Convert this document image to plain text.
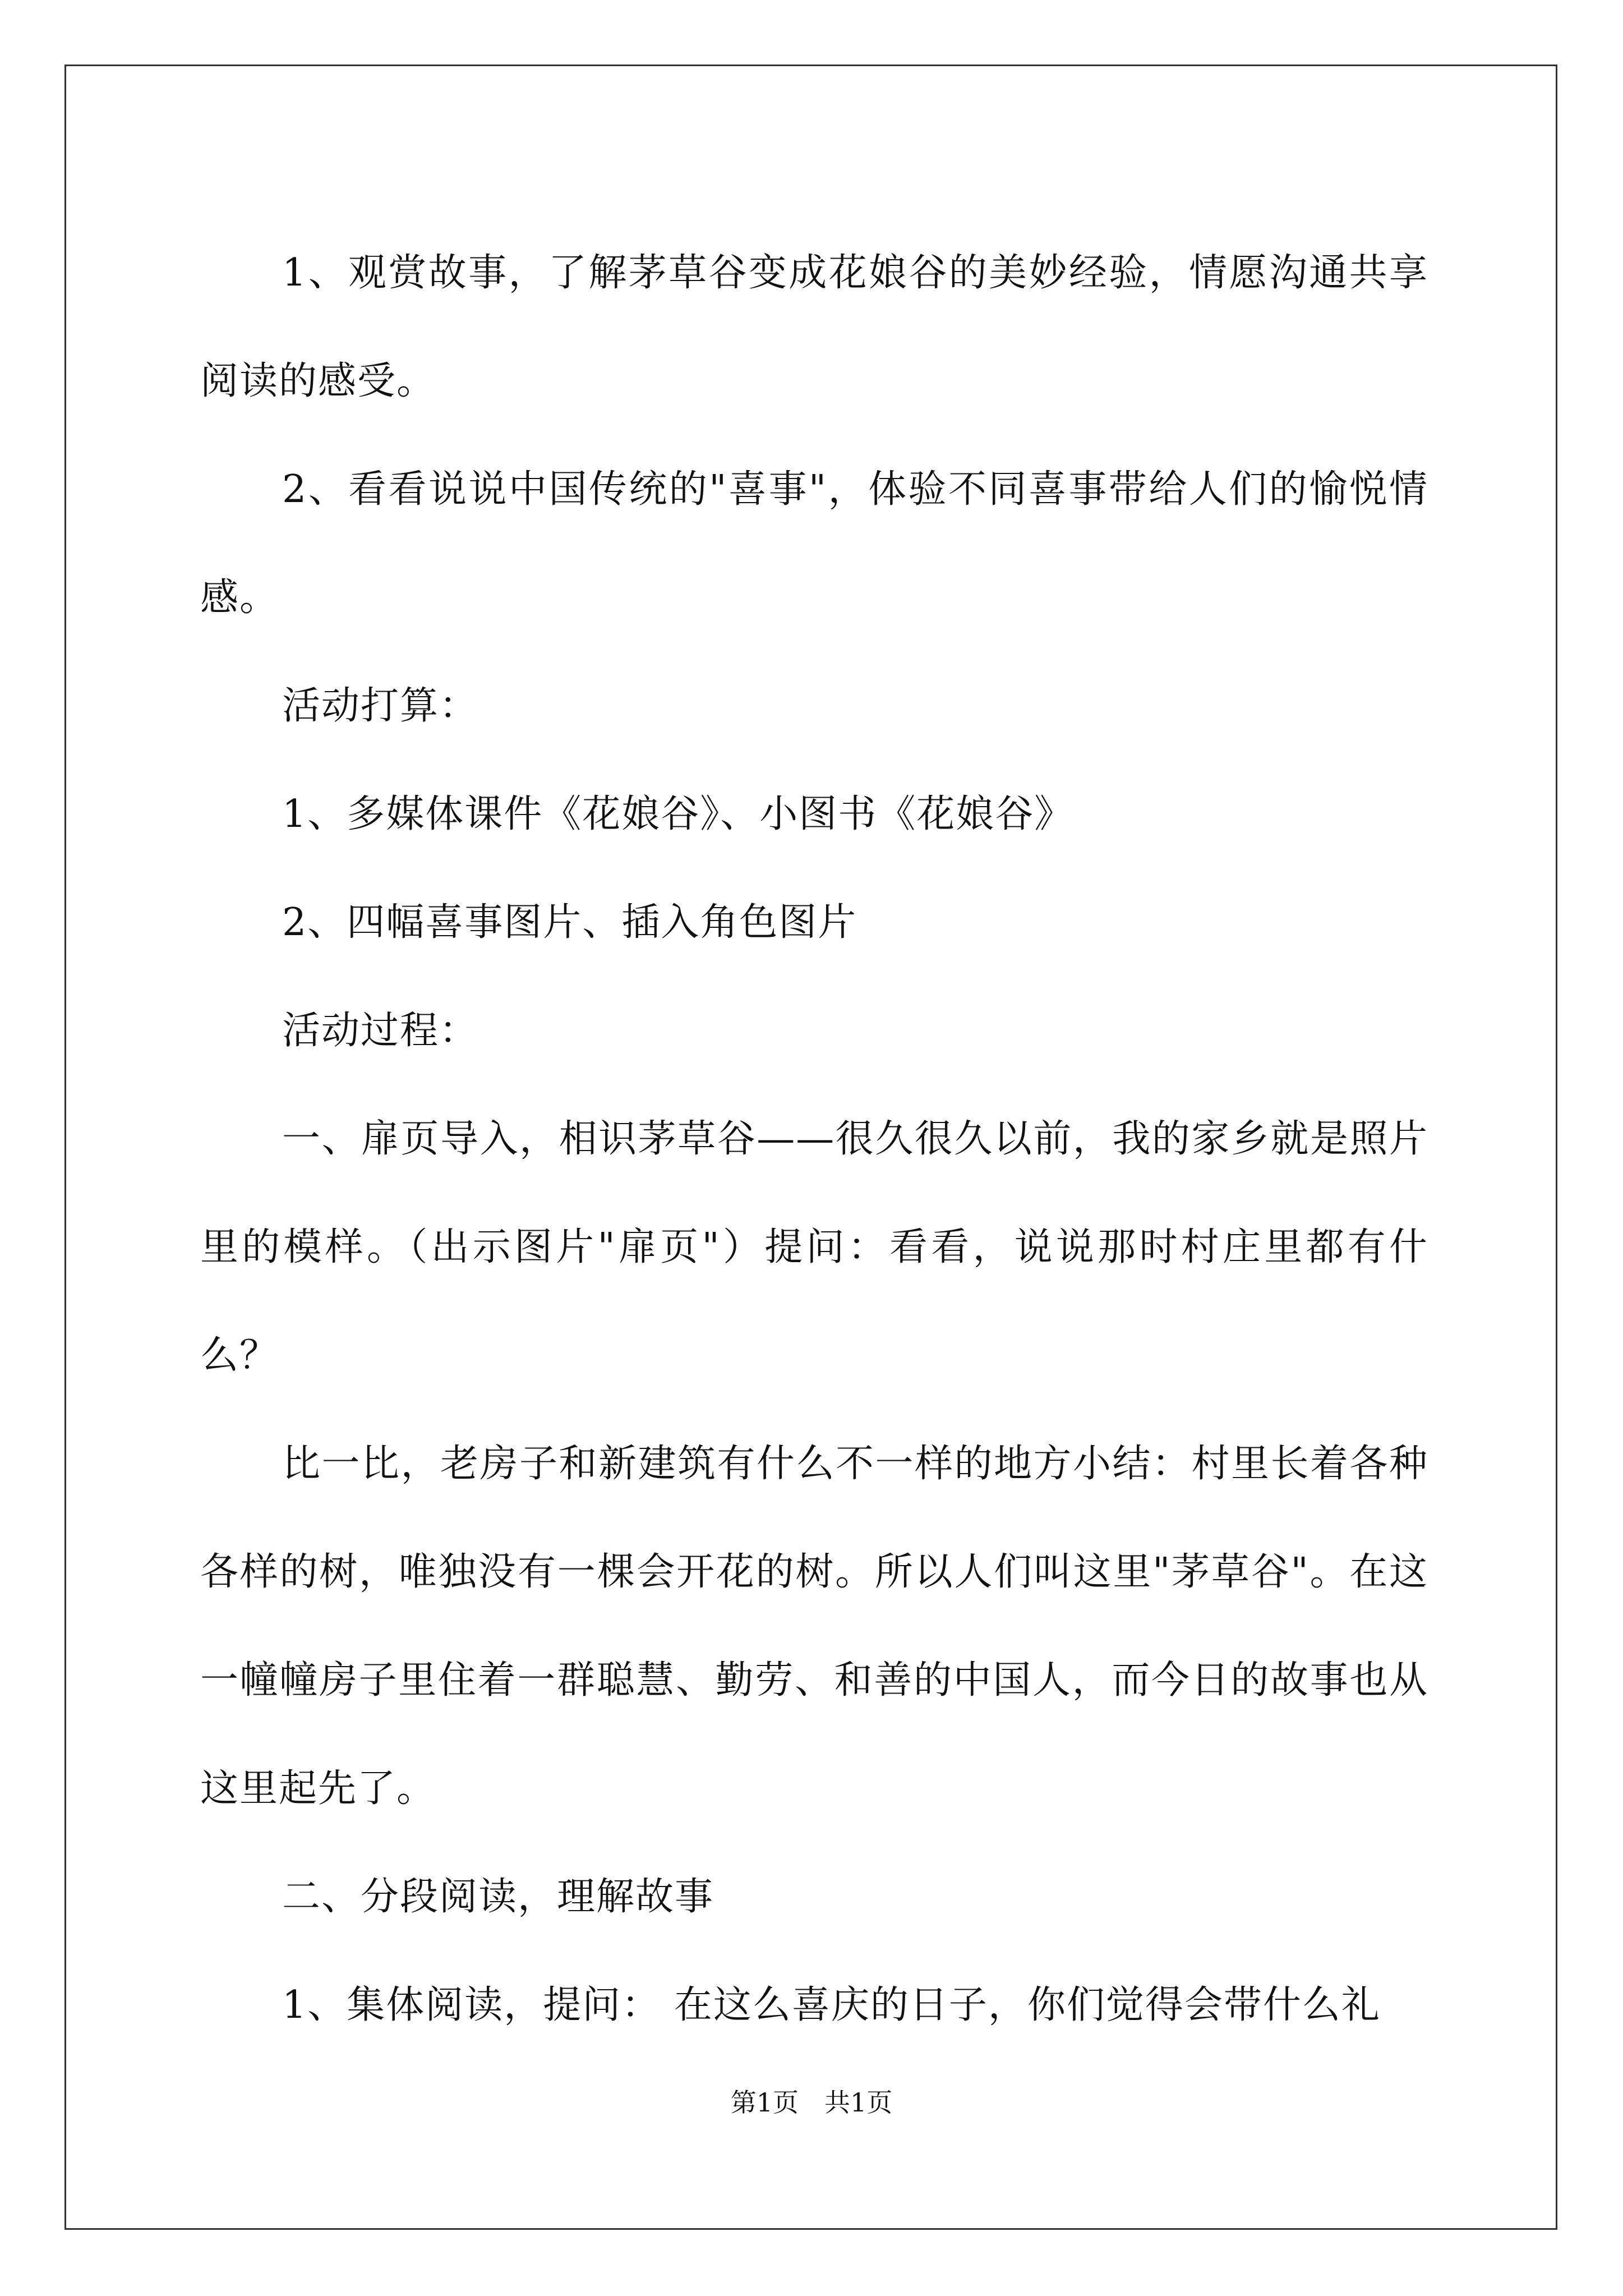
1、观赏故事，了解茅草谷变成花娘谷的美妙经验，情愿沟通共享阅读的感受。

2、看看说说中国传统的"喜事"，体验不同喜事带给人们的愉悦情感。

活动打算：

1、多媒体课件《花娘谷》、小图书《花娘谷》

2、四幅喜事图片、插入角色图片

活动过程：

一、扉页导入，相识茅草谷——很久很久以前，我的家乡就是照片里的模样。（出示图片"扉页"）提问：看看，说说那时村庄里都有什么？

比一比，老房子和新建筑有什么不一样的地方小结：村里长着各种各样的树，唯独没有一棵会开花的树。所以人们叫这里"茅草谷"。在这一幢幢房子里住着一群聪慧、勤劳、和善的中国人，而今日的故事也从这里起先了。

二、分段阅读，理解故事

1、集体阅读，提问： 在这么喜庆的日子，你们觉得会带什么礼

第1页 共1页
